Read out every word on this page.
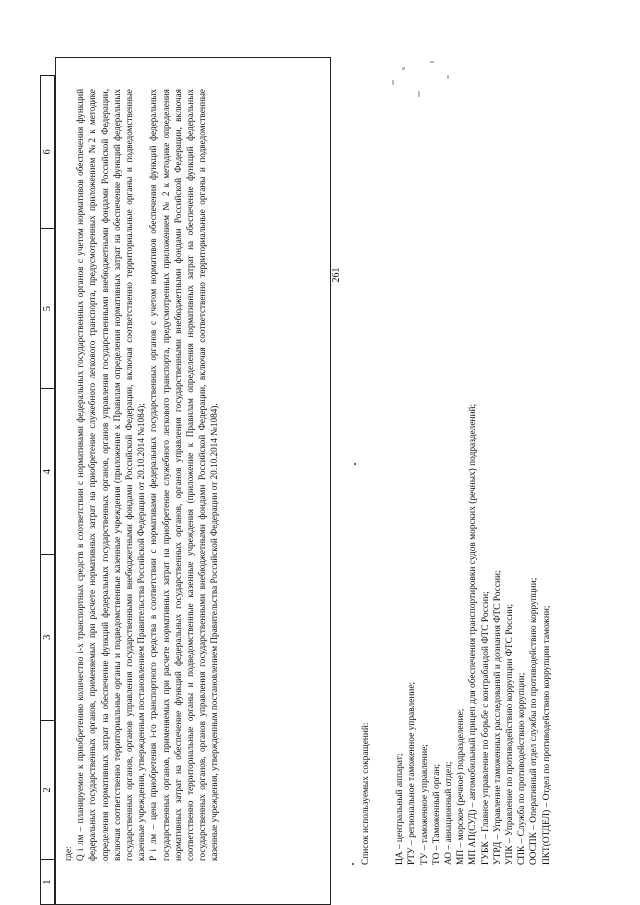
261
1	2	3	4	5	6

где: Q i лм – планируемое к приобретению количество i-х транспортных средств в соответствии с нормативами федеральных государственных органов с учетом нормативов обеспечения функций федеральных государственных органов, применяемых при расчете нормативных затрат на приобретение служебного легкового транспорта, предусмотренных приложением №2 к методике определения нормативных затрат на обеспечение функций федеральных государственных органов, органов управления государственными внебюджетными фондами Российской Федерации, включая соответственно территориальные органы и подведомственные казенные учреждения (приложение к Правилам определения нормативных затрат на обеспечение функций федеральных государственных органов, органов управления государственными внебюджетными фондами Российской Федерации, включая соответственно территориальные органы и подведомственные казенные учреждения, утвержденным постановлением Правительства Российской Федерации от 20.10.2014 №1084); P i лм – цена приобретения i-го транспортного средства в соответствии с нормативами федеральных государственных органов с учетом нормативов обеспечения функций федеральных государственных органов, применяемых при расчете нормативных затрат на приобретение служебного легкового транспорта, предусмотренных приложением № 2 к методике определения нормативных затрат на обеспечение функций федеральных государственных органов, органов управления государственными внебюджетными фондами Российской Федерации, включая соответственно территориальные органы и подведомственные казенные учреждения (приложение к Правилам определения нормативных затрат на обеспечение функций федеральных государственных органов, органов управления государственными внебюджетными фондами Российской Федерации, включая соответственно территориальные органы и подведомственные казенные учреждения, утвержденным постановлением Правительства Российской Федерации от 20.10.2014 №1084).	Список используемых сокращений:	ЦА – центральный аппарат; РТУ – региональное таможенное управление; ТУ – таможенное управление; ТО – Таможенный орган; АО – авиационный отдел; МП – морское (речное) подразделение; МП АП(СУД) – автомобильный прицеп для обеспечения транспортировки судов морских (речных) подразделений; ГУБК – Главное управление по борьбе с контрабандой ФТС России; УТРД – Управление таможенных расследований и дознания ФТС России; УПК – Управление по противодействию коррупции ФТС России; СПК – Служба по противодействию коррупции; ООСПК – Оперативный отдел службы по противодействию коррупции; ПКТ(ОТДЕЛ) – Отдел по противодействию коррупции таможни;
